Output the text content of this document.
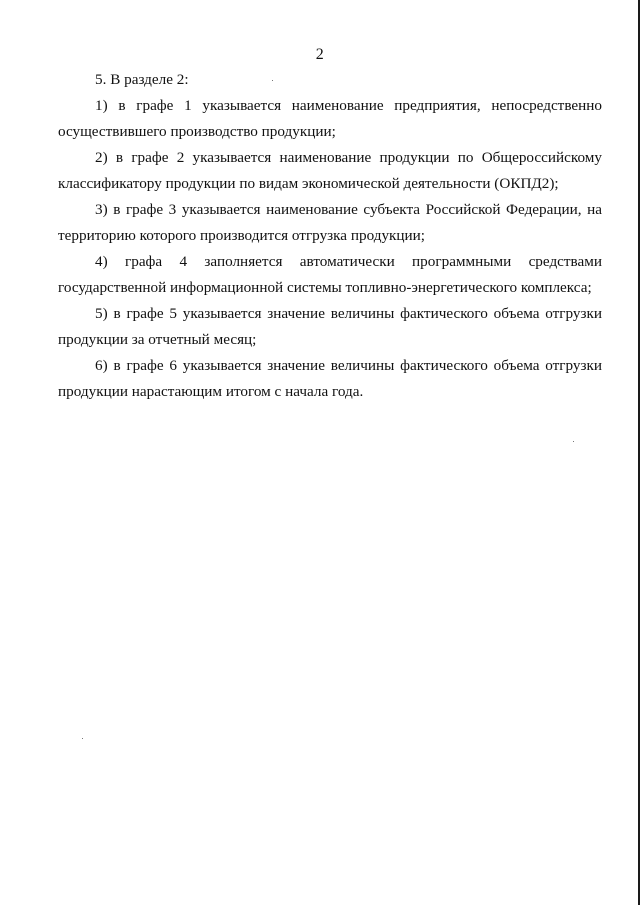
2

5. В разделе 2:

1) в графе 1 указывается наименование предприятия, непосредственно
осуществившего производство продукции;

2) в графе 2 указывается наименование продукции по Общероссийскому
классификатору продукции по видам экономической деятельности (ОКПД2);

3) в графе 3 указывается наименование субъекта Российской Федерации, на
территорию которого производится отгрузка продукции;

4) графа 4 заполняется автоматически программными средствами
государственной информационной системы топливно-энергетического комплекса;

5) в графе 5 указывается значение величины фактического объема отгрузки
продукции за отчетный месяц;

6) в графе 6 указывается значение величины фактического объема отгрузки
продукции нарастающим итогом с начала года.
